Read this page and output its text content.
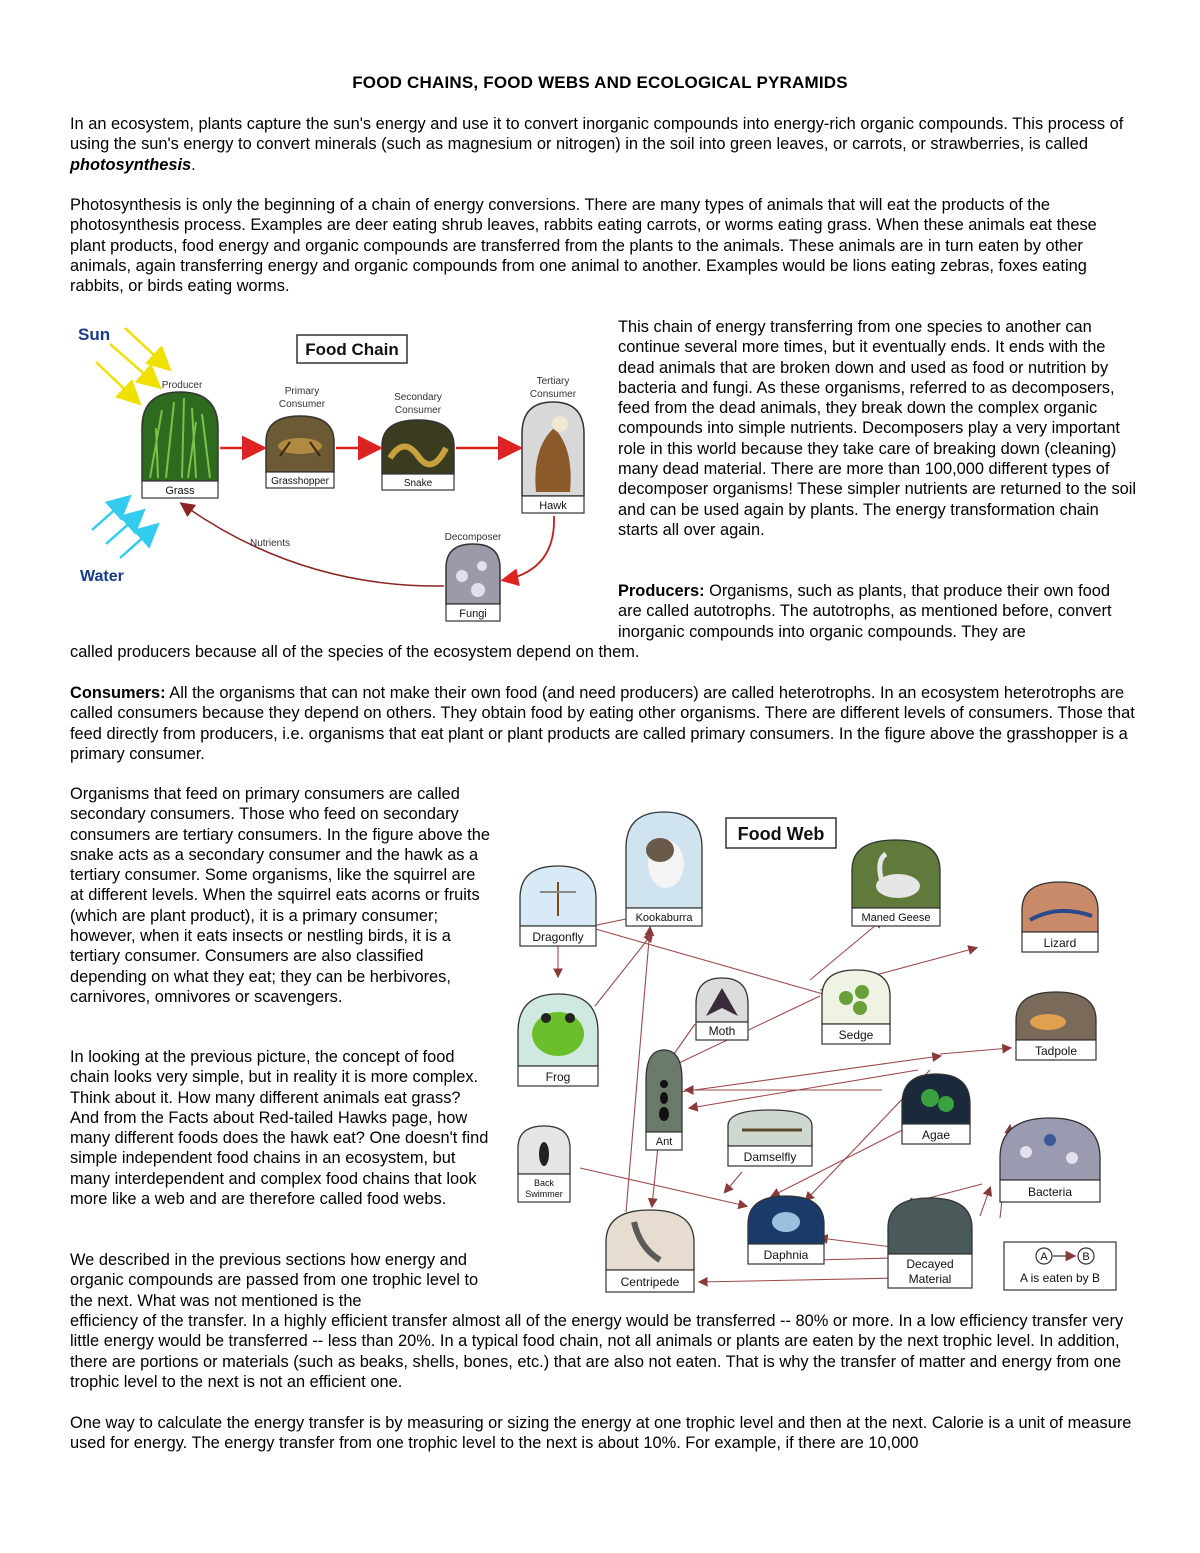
FOOD CHAINS, FOOD WEBS AND ECOLOGICAL PYRAMIDS
In an ecosystem, plants capture the sun's energy and use it to convert inorganic compounds into energy-rich organic compounds. This process of using the sun's energy to convert minerals (such as magnesium or nitrogen) in the soil into green leaves, or carrots, or strawberries, is called photosynthesis.
Photosynthesis is only the beginning of a chain of energy conversions. There are many types of animals that will eat the products of the photosynthesis process. Examples are deer eating shrub leaves, rabbits eating carrots, or worms eating grass. When these animals eat these plant products, food energy and organic compounds are transferred from the plants to the animals. These animals are in turn eaten by other animals, again transferring energy and organic compounds from one animal to another. Examples would be lions eating zebras, foxes eating rabbits, or birds eating worms.
Sun
Food Chain
Producer
Grass
Primary
Consumer
Grasshopper
Secondary
Consumer
Snake
Tertiary
Consumer
Hawk
Decomposer
Fungi
Nutrients
Water
This chain of energy transferring from one species to another can continue several more times, but it eventually ends. It ends with the dead animals that are broken down and used as food or nutrition by bacteria and fungi. As these organisms, referred to as decomposers, feed from the dead animals, they break down the complex organic compounds into simple nutrients. Decomposers play a very important role in this world because they take care of breaking down (cleaning) many dead material. There are more than 100,000 different types of decomposer organisms! These simpler nutrients are returned to the soil and can be used again by plants. The energy transformation chain starts all over again.
Producers: Organisms, such as plants, that produce their own food are called autotrophs. The autotrophs, as mentioned before, convert inorganic compounds into organic compounds. They are
called producers because all of the species of the ecosystem depend on them.
Consumers: All the organisms that can not make their own food (and need producers) are called heterotrophs. In an ecosystem heterotrophs are called consumers because they depend on others. They obtain food by eating other organisms. There are different levels of consumers. Those that feed directly from producers, i.e. organisms that eat plant or plant products are called primary consumers. In the figure above the grasshopper is a primary consumer.
Organisms that feed on primary consumers are called secondary consumers. Those who feed on secondary consumers are tertiary consumers. In the figure above the snake acts as a secondary consumer and the hawk as a tertiary consumer. Some organisms, like the squirrel are at different levels. When the squirrel eats acorns or fruits (which are plant product), it is a primary consumer; however, when it eats insects or nestling birds, it is a tertiary consumer. Consumers are also classified depending on what they eat; they can be herbivores, carnivores, omnivores or scavengers.
In looking at the previous picture, the concept of food chain looks very simple, but in reality it is more complex. Think about it. How many different animals eat grass? And from the Facts about Red-tailed Hawks page, how many different foods does the hawk eat? One doesn't find simple independent food chains in an ecosystem, but many interdependent and complex food chains that look more like a web and are therefore called food webs.
We described in the previous sections how energy and organic compounds are passed from one trophic level to the next. What was not mentioned is the
efficiency of the transfer. In a highly efficient transfer almost all of the energy would be transferred -- 80% or more. In a low efficiency transfer very little energy would be transferred -- less than 20%. In a typical food chain, not all animals or plants are eaten by the next trophic level. In addition, there are portions or materials (such as beaks, shells, bones, etc.) that are also not eaten. That is why the transfer of matter and energy from one trophic level to the next is not an efficient one.
One way to calculate the energy transfer is by measuring or sizing the energy at one trophic level and then at the next. Calorie is a unit of measure used for energy. The energy transfer from one trophic level to the next is about 10%. For example, if there are 10,000
Food Web
Dragonfly
Kookaburra	Maned Geese
Lizard
Frog
Moth	Sedge
Tadpole
Ant	Agae
Back
Swimmer
Damselfly
Bacteria
Centripede
Daphnia
Decayed
Material
A	B
A is eaten by B
